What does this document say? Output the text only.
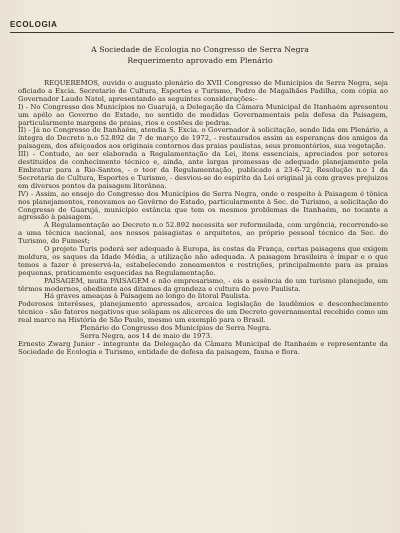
ECOLOGIA

A Sociedade de Ecologia no Congresso de Serra Negra

Requerimento aprovado em Plenário

REQUEREMOS, ouvido o augusto plenário do XVII Congresso de Municípios de Serra Negra, seja oficiado a Excia. Secretario de Cultura, Esportes e Turismo, Pedro de Magalhães Padilha, com cópia ao Governador Laudo Natel, apresentando as seguintes considerações:-

I) - No Congresso dos Municípios no Guarujá, a Delegação da Câmara Municipal de Itanhaém apresentou um apêlo ao Governo do Estado, no sentido de medidas Governamentais pela defesa da Paisagem, particularmente margens de praias, rios e costões de pedras.

II) - Já no Congresso de Itanhaém, atendia S. Excia. o Governador à solicitação, sendo lida em Plenário, a íntegra do Decreto n.o 52.892 de 7 de março de 1972, - restaurados assim as esperanças dos amigos da paisagem, dos afeiçoados aos originais contornos das praias paulistas, seus promontórios, sua vegetação.

III) - Contudo, ao ser elaborada a Regulamentação da Lei, itens essenciais, apreciados por setores destituídos de conhecimento técnico e, ainda, ante largas promessas de adequado planejamento pela Embratur para a Rio-Santos, - o teor da Regulamentação, publicado a 23-6-72, Resolução n.o 1 da Secretaria de Cultura, Esportes e Turismo, - desviou-se do espirito da Lei original já com graves prejuizos em diversos pontos da paisagem litorânea.

IV) - Assim, ao ensejo do Congresso dos Municípios de Serra Negra, onde o respeito à Paisagem é tônica nos planejamentos, renovamos ao Govêrno do Estado, particularmente à Sec. do Turismo, a solicitação do Congresso de Guarujá, município estância que tem os mesmos problemas de Itanhaém, no tocante a agressão à paisagem.

A Regulamentação ao Decreto n.o 52.892 necessita ser reformulada, com urgência, recorrendo-se a uma técnica nacional, aos nossos paisagistas e arquitetos, ao próprio pessoal técnico da Sec. do Turismo, do Fumest;

O projeto Turis poderá ser adequado à Europa, às costas da França, certas paisagens que exigem moldura, os saques da Idade Média, a utilização não adequada. A paisagem brasileira é ímpar e o que temos a fazer é preservá-la, estabelecendo zoneamentos e restrições, principalmente para as praias pequenas, praticamente esquecidas na Regulamentação.

PAISAGEM, muita PAISAGEM e não empresarismo, - eis a essência de um turismo planejado, em têrmos modernos, obediente aos ditames da grandeza e cultura do povo Paulista.

Há graves ameaças à Paisagem ao longo do litoral Paulista.

Poderosos interêsses, planejamento apressados, arcaica legislação de laudêmios e desconhecimento técnico - são fatores negativos que solapam os alicerces de um Decreto governamental recebido como um real marco na História de São Paulo, mesmo um exemplo para o Brasil.

Plenário do Congresso dos Municípios de Serra Negra.

Serra Negra, aos 14 de maio de 1973.

Ernesto Zwarg Junior - integrante da Delegação da Câmara Municipal de Itanhaém e representante da Sociedade de Ecologia e Turismo, entidade de defesa da paisagem, fauna e flora.
